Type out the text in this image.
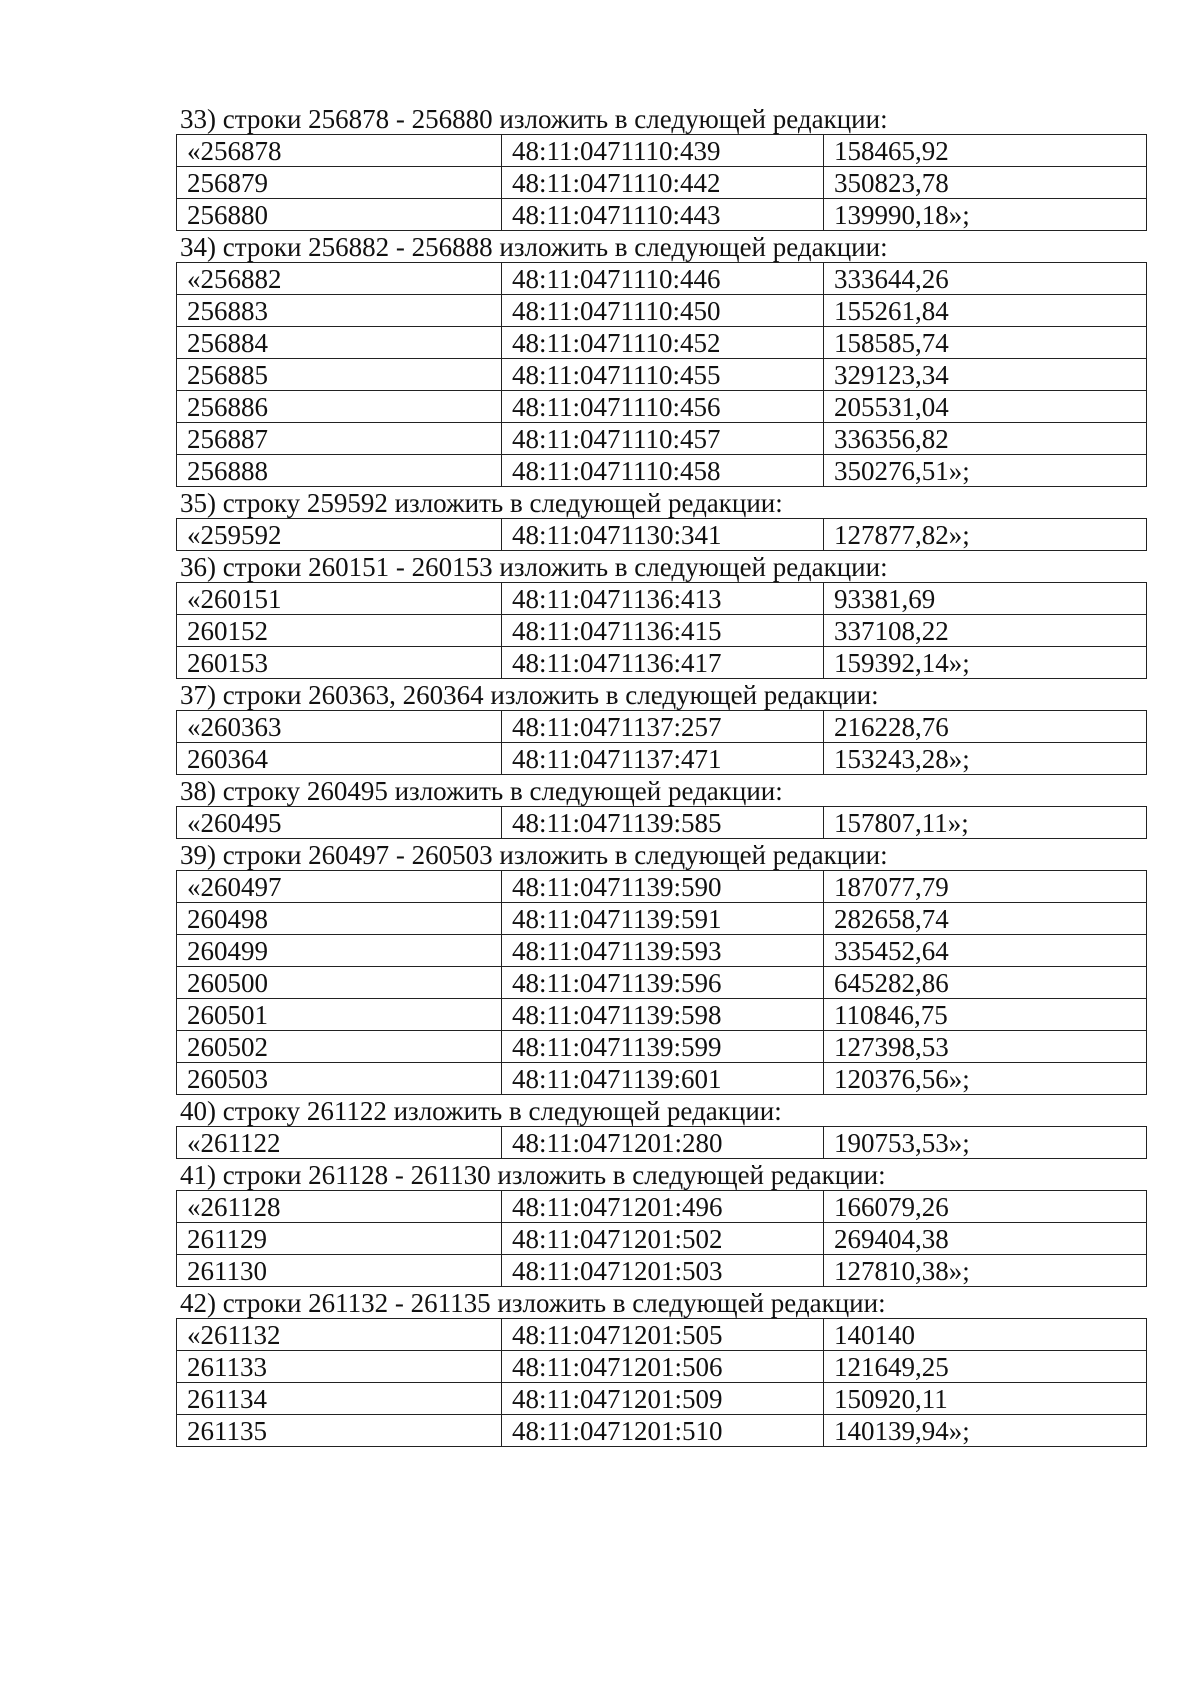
33) строки 256878 - 256880 изложить в следующей редакции:

«256878	48:11:0471110:439	158465,92
256879	48:11:0471110:442	350823,78
256880	48:11:0471110:443	139990,18»;

34) строки 256882 - 256888 изложить в следующей редакции:

«256882	48:11:0471110:446	333644,26
256883	48:11:0471110:450	155261,84
256884	48:11:0471110:452	158585,74
256885	48:11:0471110:455	329123,34
256886	48:11:0471110:456	205531,04
256887	48:11:0471110:457	336356,82
256888	48:11:0471110:458	350276,51»;

35) строку 259592 изложить в следующей редакции:

«259592	48:11:0471130:341	127877,82»;

36) строки 260151 - 260153 изложить в следующей редакции:

«260151	48:11:0471136:413	93381,69
260152	48:11:0471136:415	337108,22
260153	48:11:0471136:417	159392,14»;

37) строки 260363, 260364 изложить в следующей редакции:

«260363	48:11:0471137:257	216228,76
260364	48:11:0471137:471	153243,28»;

38) строку 260495 изложить в следующей редакции:

«260495	48:11:0471139:585	157807,11»;

39) строки 260497 - 260503 изложить в следующей редакции:

«260497	48:11:0471139:590	187077,79
260498	48:11:0471139:591	282658,74
260499	48:11:0471139:593	335452,64
260500	48:11:0471139:596	645282,86
260501	48:11:0471139:598	110846,75
260502	48:11:0471139:599	127398,53
260503	48:11:0471139:601	120376,56»;

40) строку 261122 изложить в следующей редакции:

«261122	48:11:0471201:280	190753,53»;

41) строки 261128 - 261130 изложить в следующей редакции:

«261128	48:11:0471201:496	166079,26
261129	48:11:0471201:502	269404,38
261130	48:11:0471201:503	127810,38»;

42) строки 261132 - 261135 изложить в следующей редакции:

«261132	48:11:0471201:505	140140
261133	48:11:0471201:506	121649,25
261134	48:11:0471201:509	150920,11
261135	48:11:0471201:510	140139,94»;
